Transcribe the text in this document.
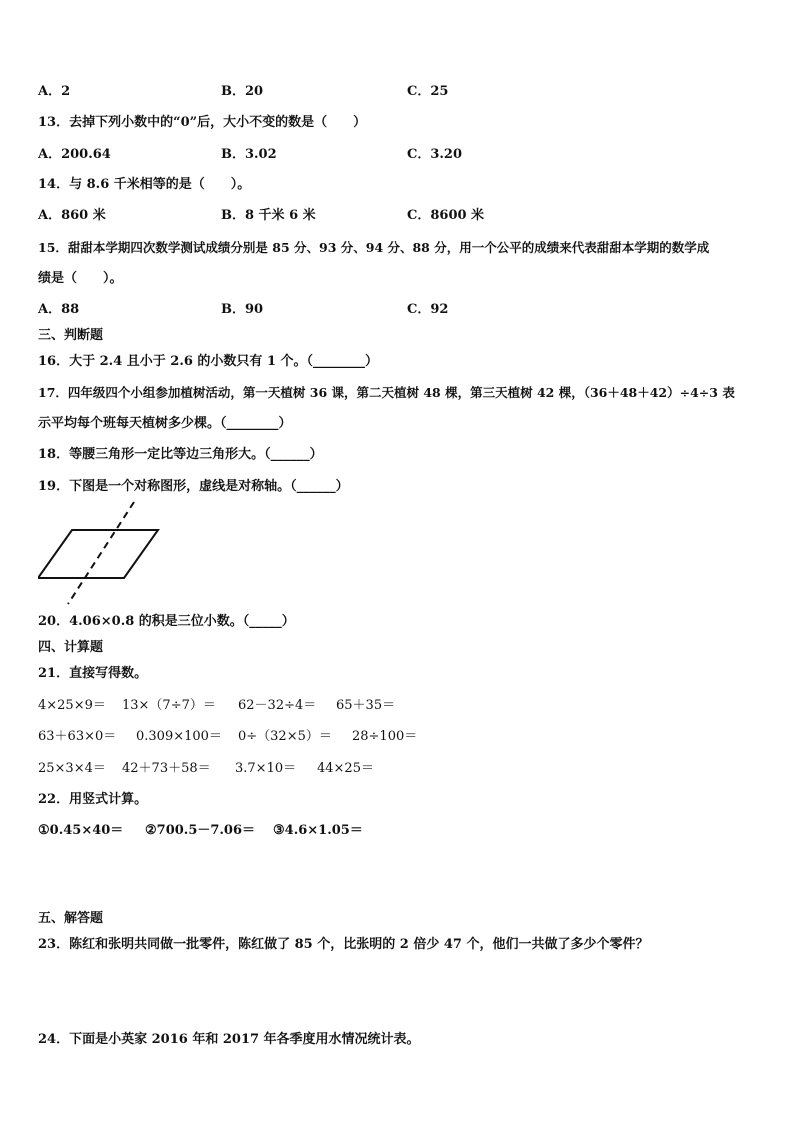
A．2	B．20	C．25
13．去掉下列小数中的“0”后，大小不变的数是（　　）
A．200.64	B．3.02	C．3.20
14．与 8.6 千米相等的是（　　）。
A．860 米	B．8 千米 6 米	C．8600 米
15．甜甜本学期四次数学测试成绩分别是 85 分、93 分、94 分、88 分，用一个公平的成绩来代表甜甜本学期的数学成
绩是（　　）。
A．88	B．90	C．92
三、判断题
16．大于 2.4 且小于 2.6 的小数只有 1 个。（________）
17．四年级四个小组参加植树活动，第一天植树 36 课，第二天植树 48 棵，第三天植树 42 棵，（36＋48＋42）÷4÷3 表
示平均每个班每天植树多少棵。（________）
18．等腰三角形一定比等边三角形大。（______）
19．下图是一个对称图形，虚线是对称轴。（______）
20．4.06×0.8 的积是三位小数。（_____）
四、计算题
21．直接写得数。
4×25×9＝ 13×（7÷7）＝ 62－32÷4＝ 65＋35＝
63＋63×0＝ 0.309×100＝ 0÷（32×5）＝ 28÷100＝
25×3×4＝ 42＋73＋58＝ 3.7×10＝ 44×25＝
22．用竖式计算。
①0.45×40＝ ②700.5－7.06＝ ③4.6×1.05＝
五、解答题
23．陈红和张明共同做一批零件，陈红做了 85 个，比张明的 2 倍少 47 个，他们一共做了多少个零件？
24．下面是小英家 2016 年和 2017 年各季度用水情况统计表。
